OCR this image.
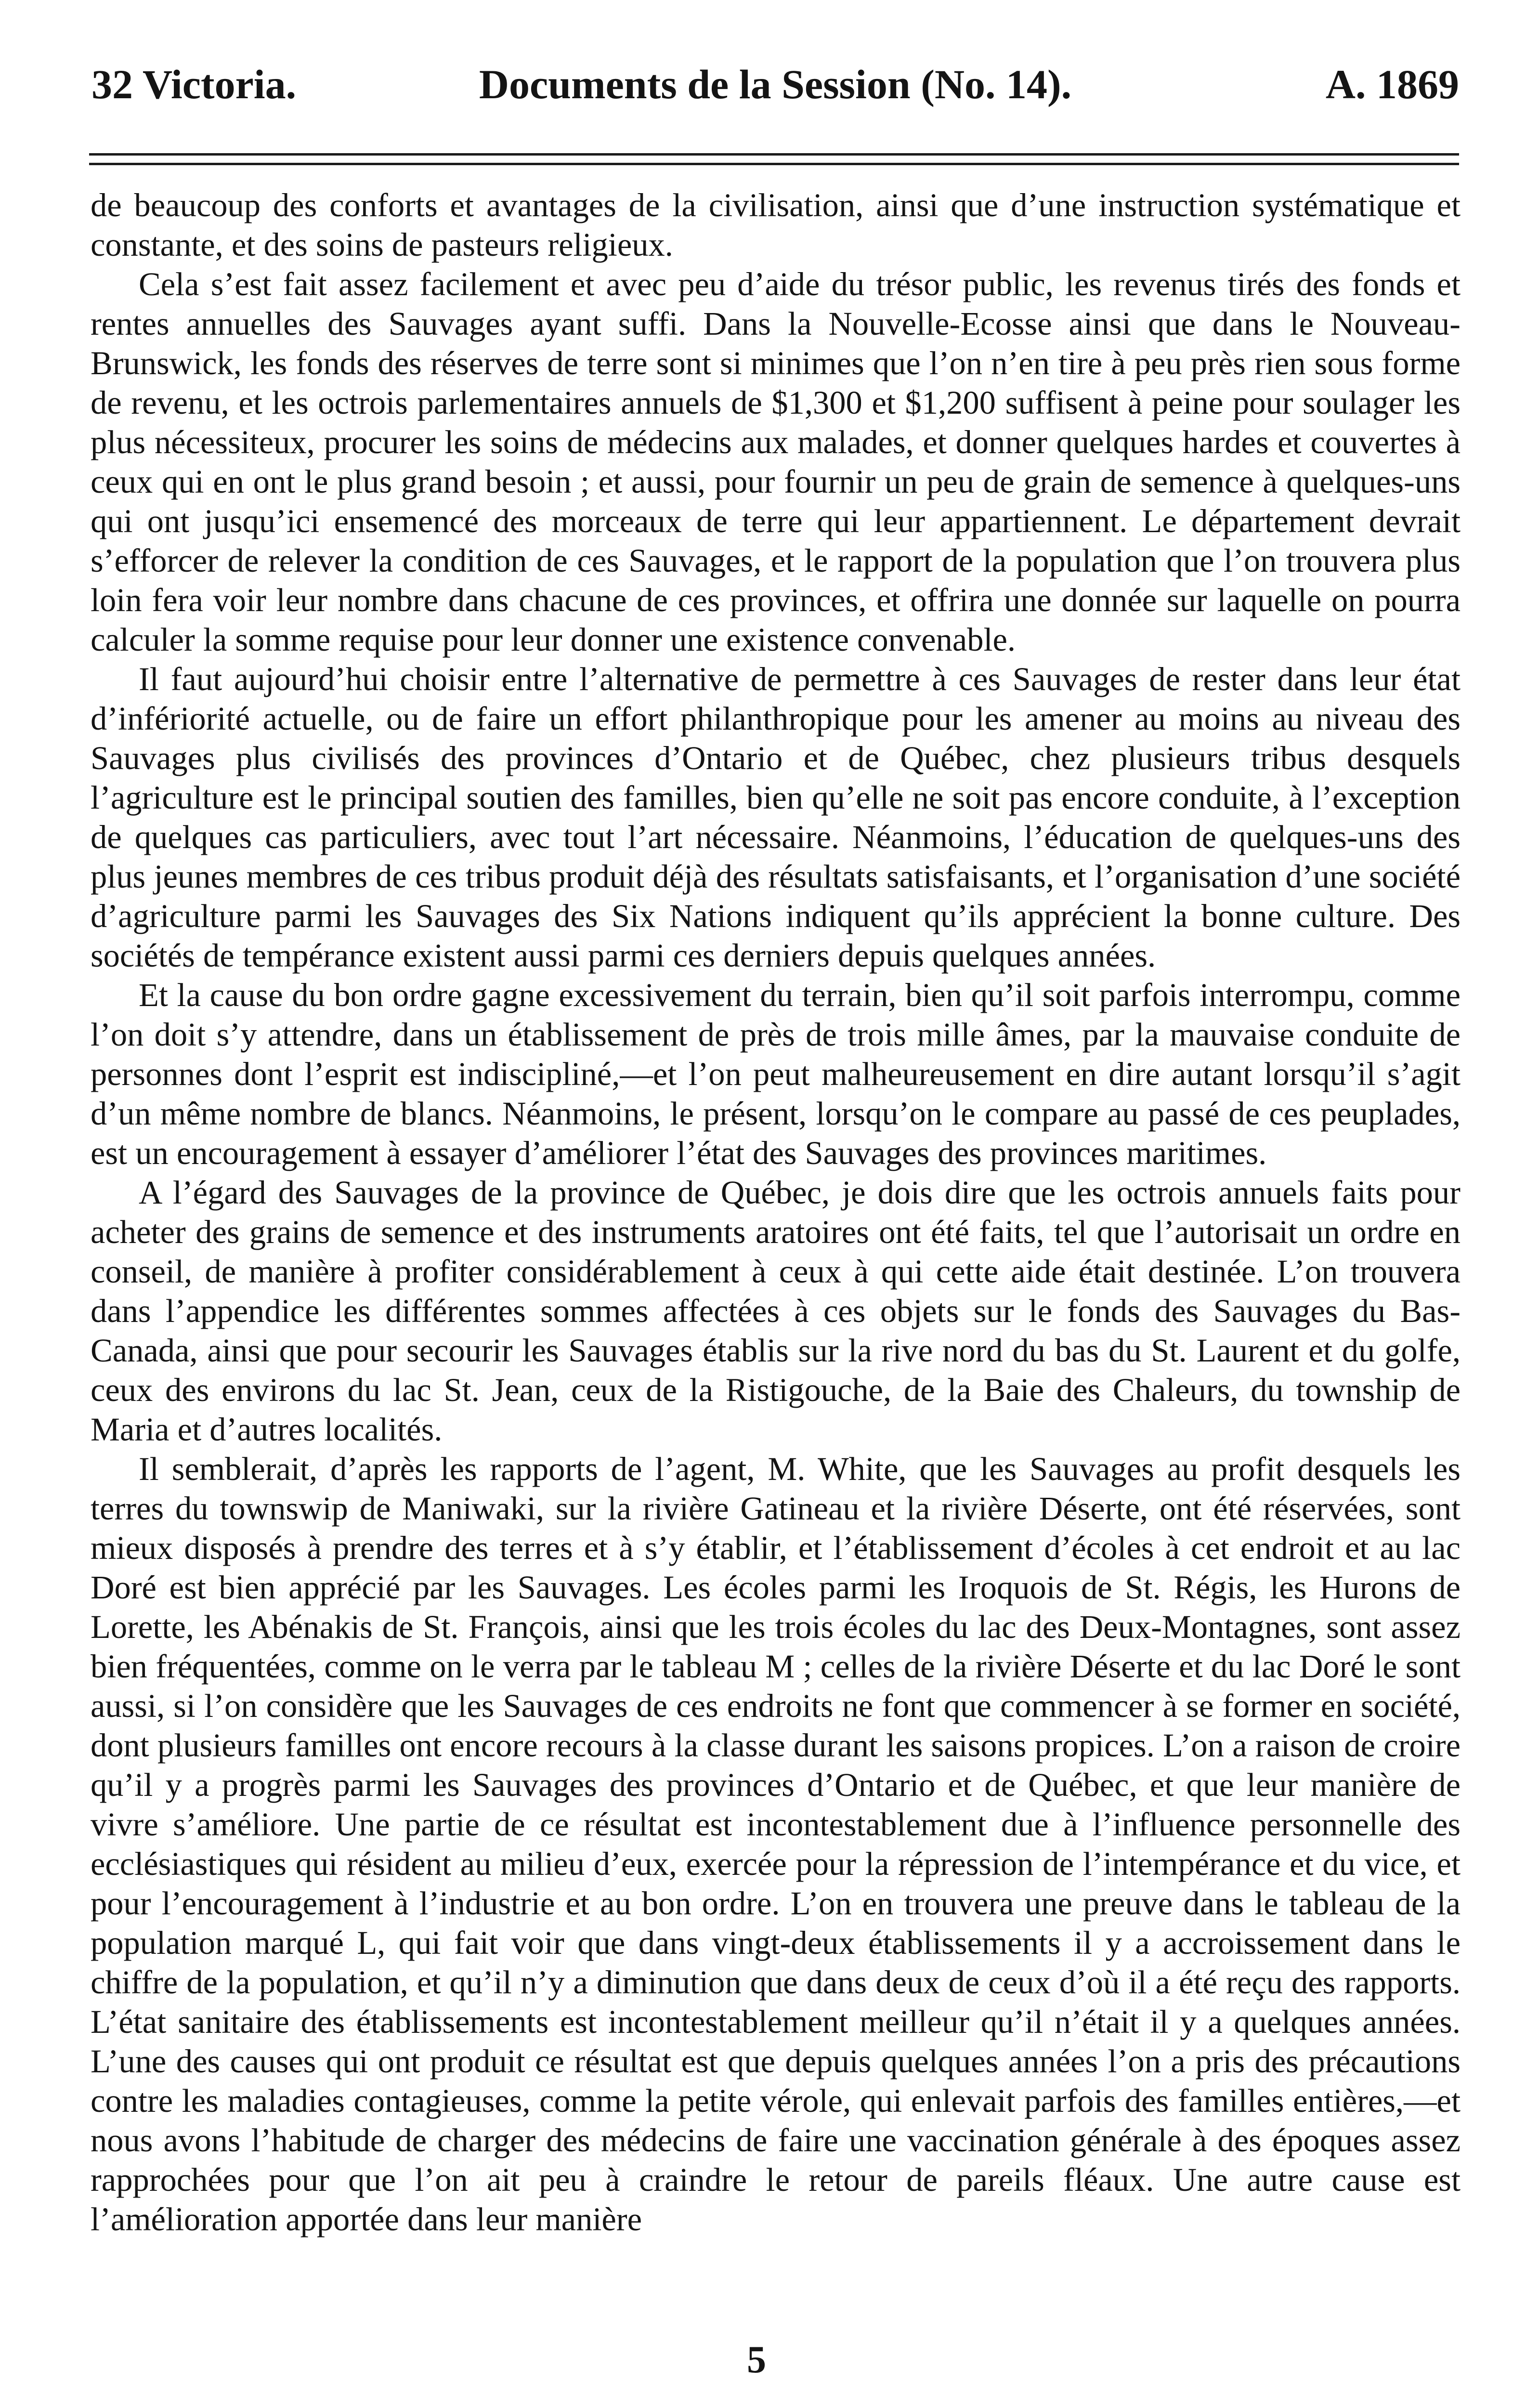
32 Victoria.	Documents de la Session (No. 14).	A. 1869

de beaucoup des conforts et avantages de la civilisation, ainsi que d’une instruction systématique et constante, et des soins de pasteurs religieux.

Cela s’est fait assez facilement et avec peu d’aide du trésor public, les revenus tirés des fonds et rentes annuelles des Sauvages ayant suffi. Dans la Nouvelle-Ecosse ainsi que dans le Nouveau-Brunswick, les fonds des réserves de terre sont si minimes que l’on n’en tire à peu près rien sous forme de revenu, et les octrois parlementaires annuels de $1,300 et $1,200 suffisent à peine pour soulager les plus nécessiteux, procurer les soins de médecins aux malades, et donner quelques hardes et couvertes à ceux qui en ont le plus grand besoin ; et aussi, pour fournir un peu de grain de semence à quelques-uns qui ont jusqu’ici ensemencé des morceaux de terre qui leur appartiennent. Le département devrait s’efforcer de relever la condition de ces Sauvages, et le rapport de la population que l’on trouvera plus loin fera voir leur nombre dans chacune de ces provinces, et offrira une donnée sur laquelle on pourra calculer la somme requise pour leur donner une existence convenable.

Il faut aujourd’hui choisir entre l’alternative de permettre à ces Sauvages de rester dans leur état d’infériorité actuelle, ou de faire un effort philanthropique pour les amener au moins au niveau des Sauvages plus civilisés des provinces d’Ontario et de Québec, chez plusieurs tribus desquels l’agriculture est le principal soutien des familles, bien qu’elle ne soit pas encore conduite, à l’exception de quelques cas particuliers, avec tout l’art nécessaire. Néanmoins, l’éducation de quelques-uns des plus jeunes membres de ces tribus produit déjà des résultats satisfaisants, et l’organisation d’une société d’agriculture parmi les Sauvages des Six Nations indiquent qu’ils apprécient la bonne culture. Des sociétés de tempérance existent aussi parmi ces derniers depuis quelques années.

Et la cause du bon ordre gagne excessivement du terrain, bien qu’il soit parfois interrompu, comme l’on doit s’y attendre, dans un établissement de près de trois mille âmes, par la mauvaise conduite de personnes dont l’esprit est indiscipliné,—et l’on peut malheureusement en dire autant lorsqu’il s’agit d’un même nombre de blancs. Néanmoins, le présent, lorsqu’on le compare au passé de ces peuplades, est un encouragement à essayer d’améliorer l’état des Sauvages des provinces maritimes.

A l’égard des Sauvages de la province de Québec, je dois dire que les octrois annuels faits pour acheter des grains de semence et des instruments aratoires ont été faits, tel que l’autorisait un ordre en conseil, de manière à profiter considérablement à ceux à qui cette aide était destinée. L’on trouvera dans l’appendice les différentes sommes affectées à ces objets sur le fonds des Sauvages du Bas-Canada, ainsi que pour secourir les Sauvages établis sur la rive nord du bas du St. Laurent et du golfe, ceux des environs du lac St. Jean, ceux de la Ristigouche, de la Baie des Chaleurs, du township de Maria et d’autres localités.

Il semblerait, d’après les rapports de l’agent, M. White, que les Sauvages au profit desquels les terres du townswip de Maniwaki, sur la rivière Gatineau et la rivière Déserte, ont été réservées, sont mieux disposés à prendre des terres et à s’y établir, et l’établissement d’écoles à cet endroit et au lac Doré est bien apprécié par les Sauvages. Les écoles parmi les Iroquois de St. Régis, les Hurons de Lorette, les Abénakis de St. François, ainsi que les trois écoles du lac des Deux-Montagnes, sont assez bien fréquentées, comme on le verra par le tableau M ; celles de la rivière Déserte et du lac Doré le sont aussi, si l’on considère que les Sauvages de ces endroits ne font que commencer à se former en société, dont plusieurs familles ont encore recours à la classe durant les saisons propices. L’on a raison de croire qu’il y a progrès parmi les Sauvages des provinces d’Ontario et de Québec, et que leur manière de vivre s’améliore. Une partie de ce résultat est incontestablement due à l’influence personnelle des ecclésiastiques qui résident au milieu d’eux, exercée pour la répression de l’intempérance et du vice, et pour l’encouragement à l’industrie et au bon ordre. L’on en trouvera une preuve dans le tableau de la population marqué L, qui fait voir que dans vingt-deux établissements il y a accroissement dans le chiffre de la population, et qu’il n’y a diminution que dans deux de ceux d’où il a été reçu des rapports. L’état sanitaire des établissements est incontestablement meilleur qu’il n’était il y a quelques années. L’une des causes qui ont produit ce résultat est que depuis quelques années l’on a pris des précautions contre les maladies contagieuses, comme la petite vérole, qui enlevait parfois des familles entières,—et nous avons l’habitude de charger des médecins de faire une vaccination générale à des époques assez rapprochées pour que l’on ait peu à craindre le retour de pareils fléaux. Une autre cause est l’amélioration apportée dans leur manière

5
